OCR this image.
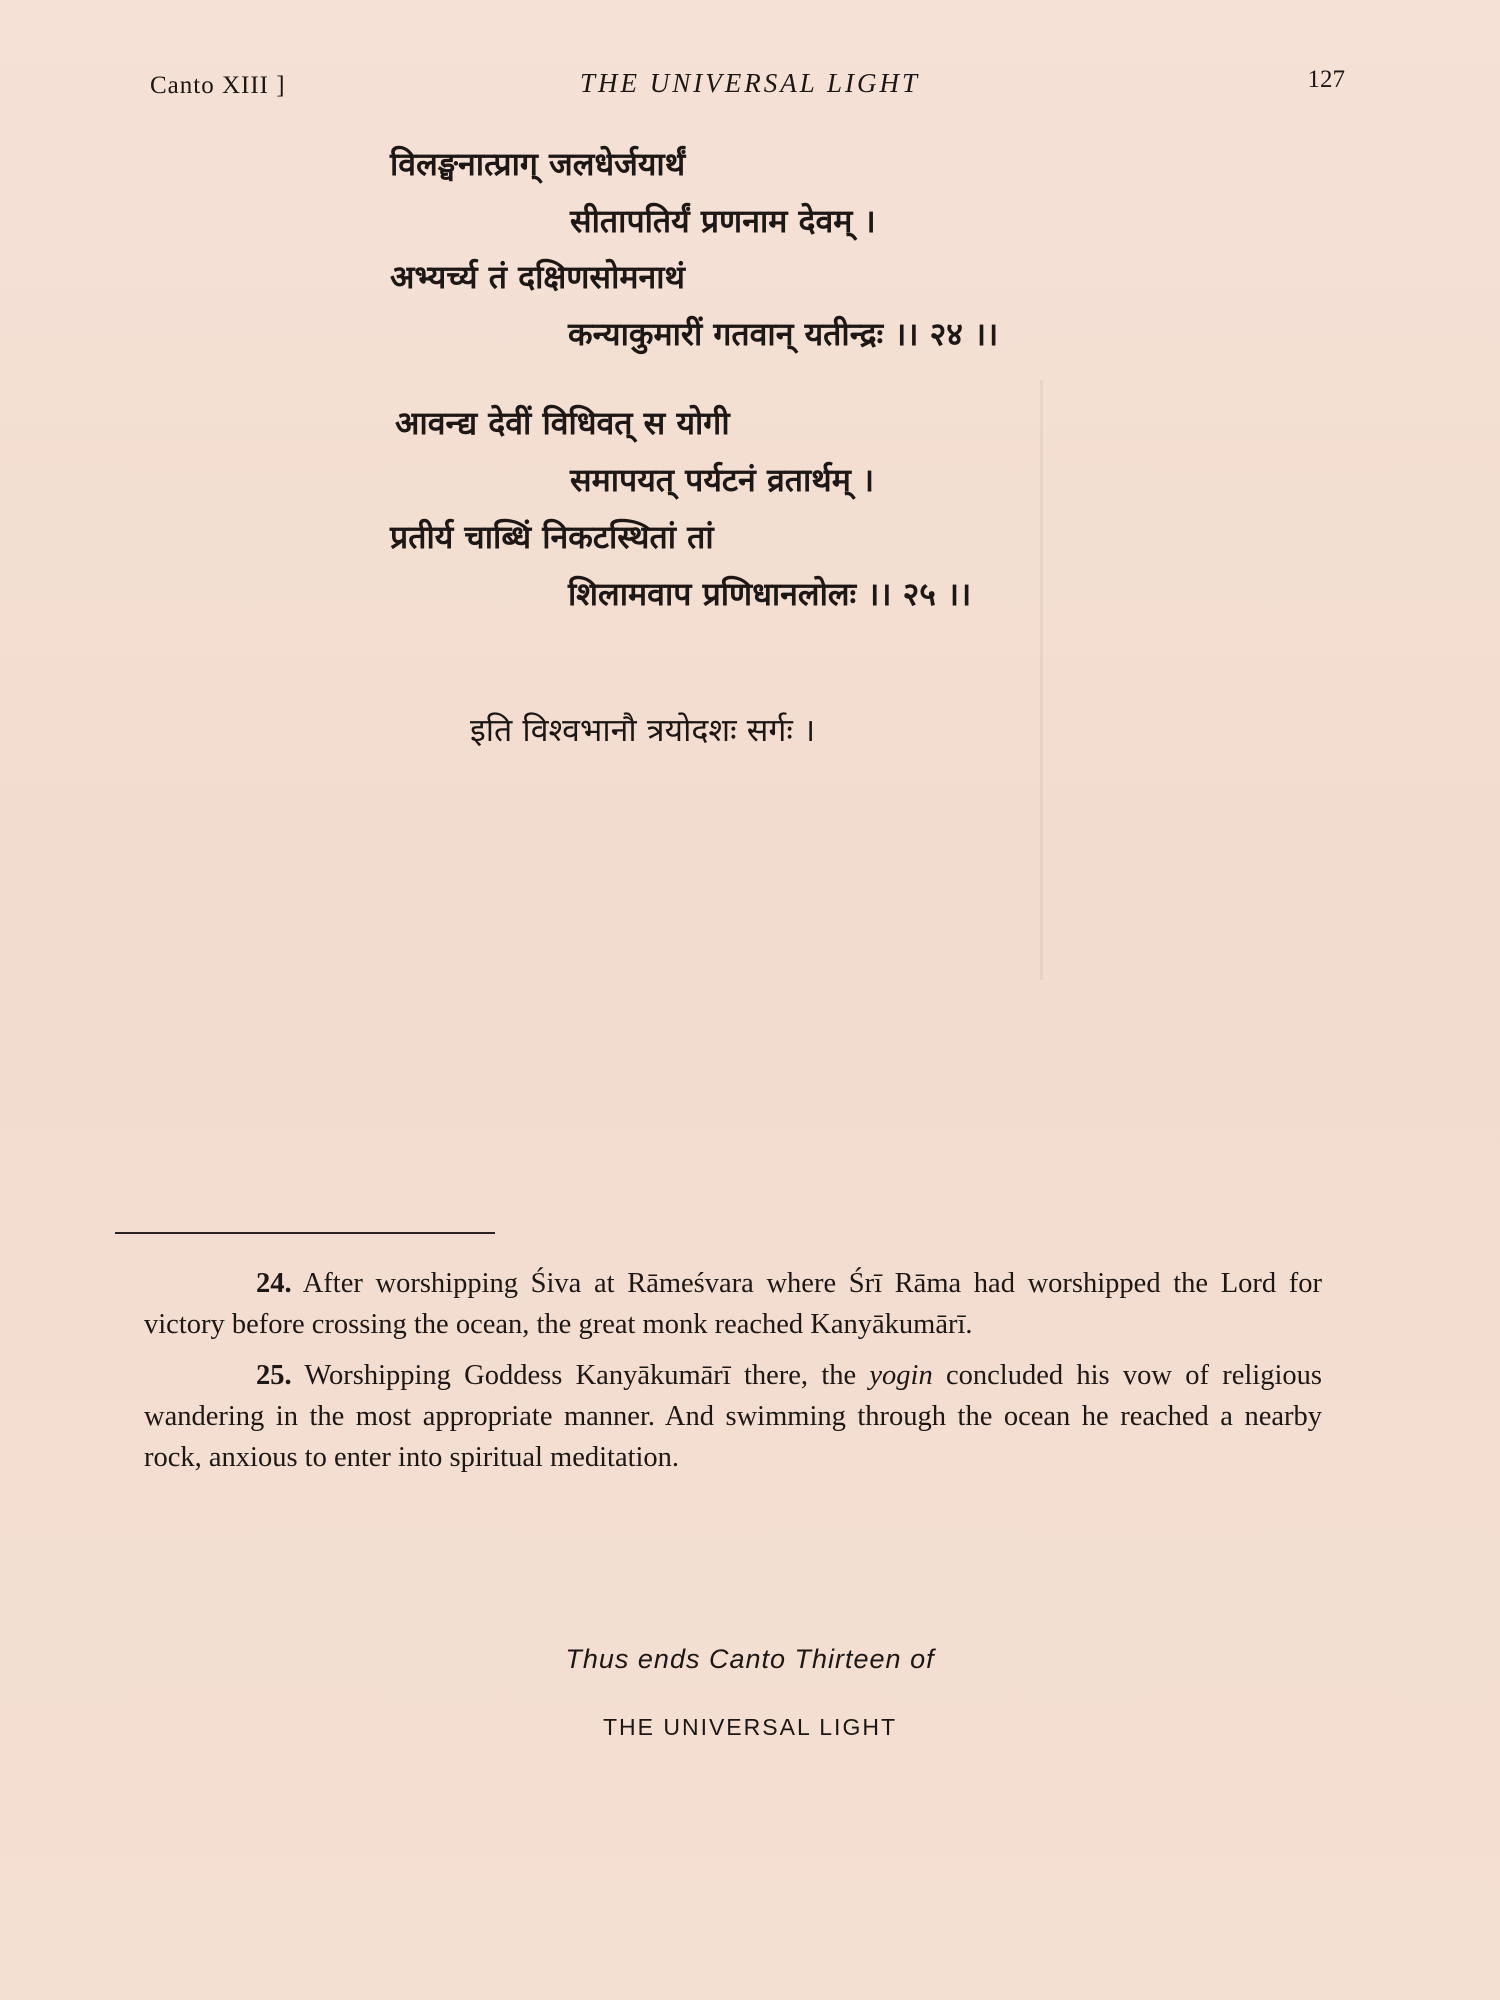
Canto XIII ]	THE UNIVERSAL LIGHT	127
विलङ्घनात्प्राग् जलधेर्जयार्थं
सीतापतिर्यं प्रणनाम देवम् ।
अभ्यर्च्य तं दक्षिणसोमनाथं
कन्याकुमारीं गतवान् यतीन्द्रः ।। २४ ।।
आवन्द्य देवीं विधिवत् स योगी
समापयत् पर्यटनं व्रतार्थम् ।
प्रतीर्य चाब्धिं निकटस्थितां तां
शिलामवाप प्रणिधानलोलः ।। २५ ।।
इति विश्वभानौ त्रयोदशः सर्गः ।

24. After worshipping Śiva at Rāmeśvara where Śrī Rāma had worshipped the Lord for victory before crossing the ocean, the great monk reached Kanyākumārī.

25. Worshipping Goddess Kanyākumārī there, the yogin concluded his vow of religious wandering in the most appropriate manner. And swimming through the ocean he reached a nearby rock, anxious to enter into spiritual meditation.

Thus ends Canto Thirteen of
THE UNIVERSAL LIGHT
